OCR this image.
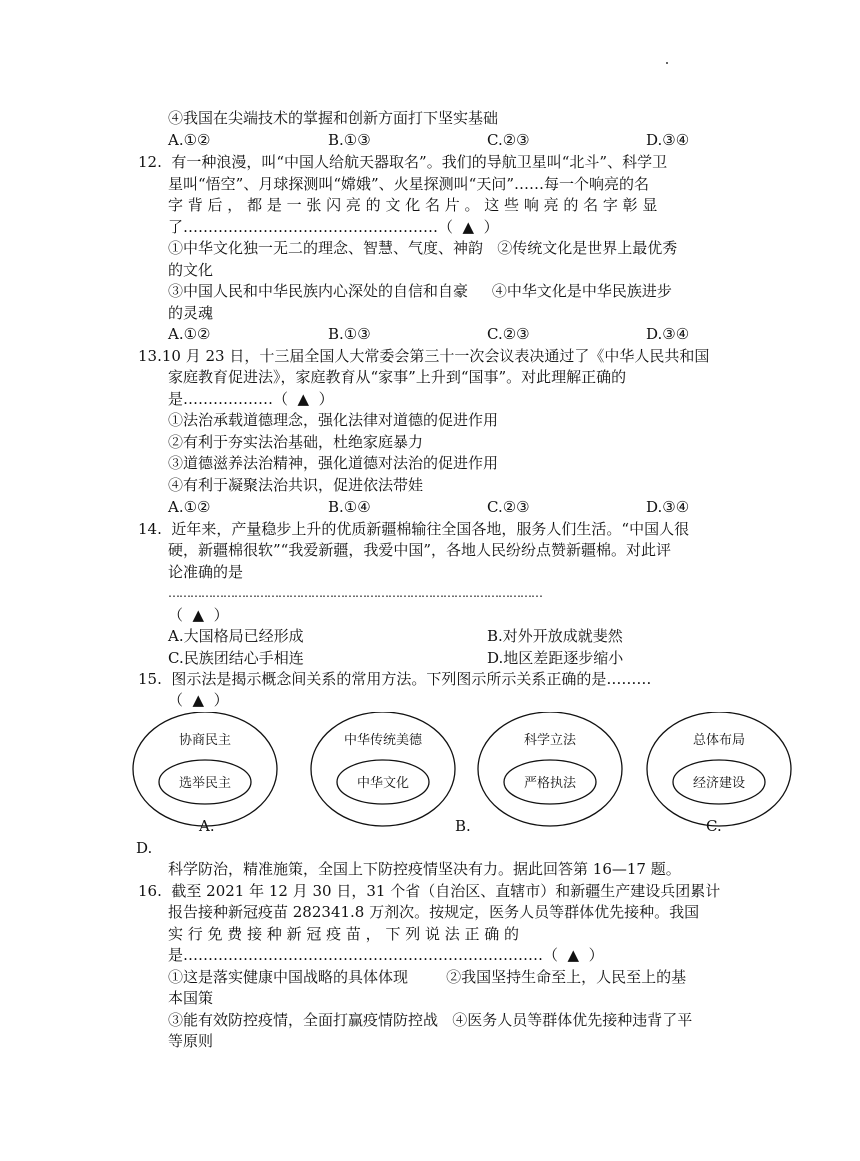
④我国在尖端技术的掌握和创新方面打下坚实基础
A.①②	B.①③	C.②③	D.③④
12.  有一种浪漫，叫“中国人给航天器取名”。我们的导航卫星叫“北斗”、科学卫
星叫“悟空”、月球探测叫“嫦娥”、火星探测叫“天问”……每一个响亮的名
字 背 后 ， 都 是 一 张 闪 亮 的 文 化 名 片 。 这 些 响 亮 的 名 字 彰 显
了……………………………………………（  ▲  ）
①中华文化独一无二的理念、智慧、气度、神韵   ②传统文化是世界上最优秀
的文化
③中国人民和中华民族内心深处的自信和自豪     ④中华文化是中华民族进步
的灵魂
A.①②	B.①③	C.②③	D.③④
13.10 月 23 日，十三届全国人大常委会第三十一次会议表决通过了《中华人民共和国
家庭教育促进法》，家庭教育从“家事”上升到“国事”。对此理解正确的
是………………（  ▲  ）
①法治承载道德理念，强化法律对道德的促进作用
②有利于夯实法治基础，杜绝家庭暴力
③道德滋养法治精神，强化道德对法治的促进作用
④有利于凝聚法治共识，促进依法带娃
A.①②	B.①④	C.②③	D.③④
14.  近年来，产量稳步上升的优质新疆棉输往全国各地，服务人们生活。“中国人很
硬，新疆棉很软”“我爱新疆，我爱中国”，各地人民纷纷点赞新疆棉。对此评
论准确的是
…………………………………………………………………………………………
（  ▲  ）
A.大国格局已经形成	B.对外开放成就斐然
C.民族团结心手相连	D.地区差距逐步缩小
15.  图示法是揭示概念间关系的常用方法。下列图示所示关系正确的是………
（  ▲  ）
协商民主
选举民主
中华传统美德
中华文化
科学立法
严格执法
总体布局
经济建设
A.	B.	C.
D.
科学防治，精准施策，全国上下防控疫情坚决有力。据此回答第 16—17 题。
16.  截至 2021 年 12 月 30 日，31 个省（自治区、直辖市）和新疆生产建设兵团累计
报告接种新冠疫苗 282341.8 万剂次。按规定，医务人员等群体优先接种。我国
实 行 免 费 接 种 新 冠 疫 苗 ， 下 列 说 法 正 确 的
是………………………………………………………………（  ▲  ）
①这是落实健康中国战略的具体体现        ②我国坚持生命至上，人民至上的基
本国策
③能有效防控疫情，全面打赢疫情防控战   ④医务人员等群体优先接种违背了平
等原则
